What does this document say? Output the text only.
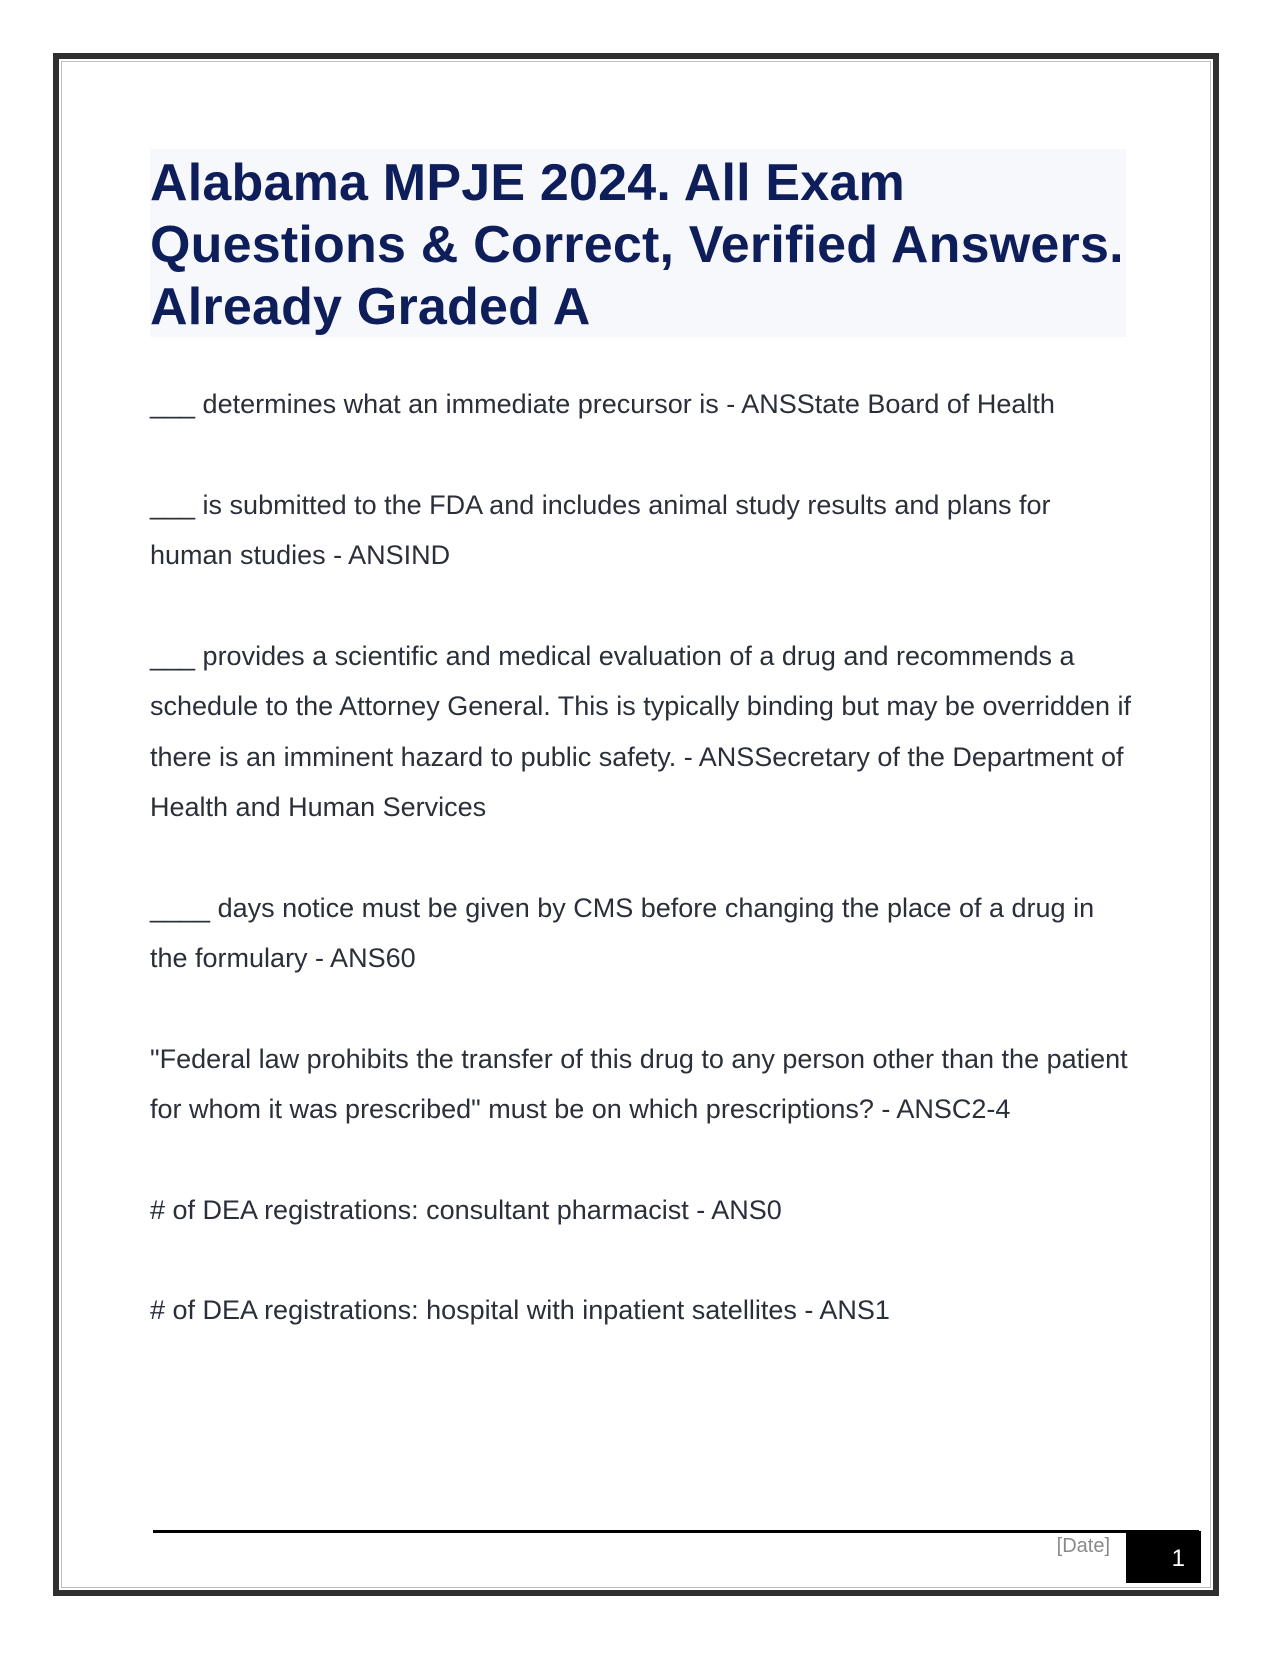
Alabama MPJE 2024. All Exam Questions & Correct, Verified Answers. Already Graded A

___ determines what an immediate precursor is - ANSState Board of Health

___ is submitted to the FDA and includes animal study results and plans for human studies - ANSIND

___ provides a scientific and medical evaluation of a drug and recommends a schedule to the Attorney General. This is typically binding but may be overridden if there is an imminent hazard to public safety. - ANSSecretary of the Department of Health and Human Services

____ days notice must be given by CMS before changing the place of a drug in the formulary - ANS60

"Federal law prohibits the transfer of this drug to any person other than the patient for whom it was prescribed" must be on which prescriptions? - ANSC2-4

# of DEA registrations: consultant pharmacist - ANS0

# of DEA registrations: hospital with inpatient satellites - ANS1

[Date]	1
